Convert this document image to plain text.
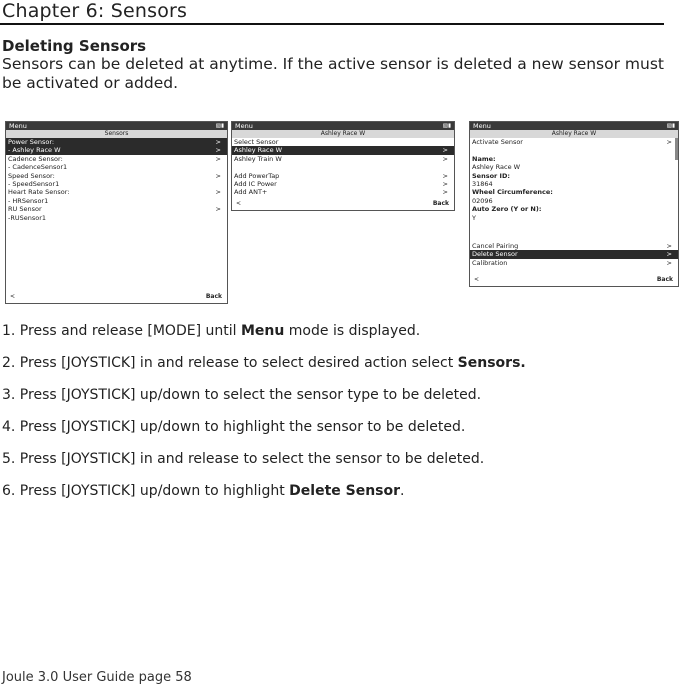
Chapter 6: Sensors
Deleting Sensors
Sensors can be deleted at anytime. If the active sensor is deleted a new sensor must be activated or added.
Menu	▧▮
Sensors
Power Sensor:	>
- Ashley Race W	>
Cadence Sensor:	>
- CadenceSensor1
Speed Sensor:	>
- SpeedSensor1
Heart Rate Sensor:	>
- HRSensor1
RU Sensor	>
-RUSensor1
<	Back
Menu	▧▮
Ashley Race W
Select Sensor
Ashley Race W	>
Ashley Train W	>
Add PowerTap	>
Add IC Power	>
Add ANT+	>
<	Back
Menu	▧▮
Ashley Race W
Activate Sensor	>
Name:
Ashley Race W
Sensor ID:
31864
Wheel Circumference:
02096
Auto Zero (Y or N):
Y
Cancel Pairing	>
Delete Sensor	>
Calibration	>
<	Back
1. Press and release [MODE] until Menu mode is displayed.
2. Press [JOYSTICK] in and release to select desired action select Sensors.
3. Press [JOYSTICK] up/down to select the sensor type to be deleted.
4. Press [JOYSTICK] up/down to highlight the sensor to be deleted.
5. Press [JOYSTICK] in and release to select the sensor to be deleted.
6. Press [JOYSTICK] up/down to highlight Delete Sensor.
Joule 3.0 User Guide page 58
